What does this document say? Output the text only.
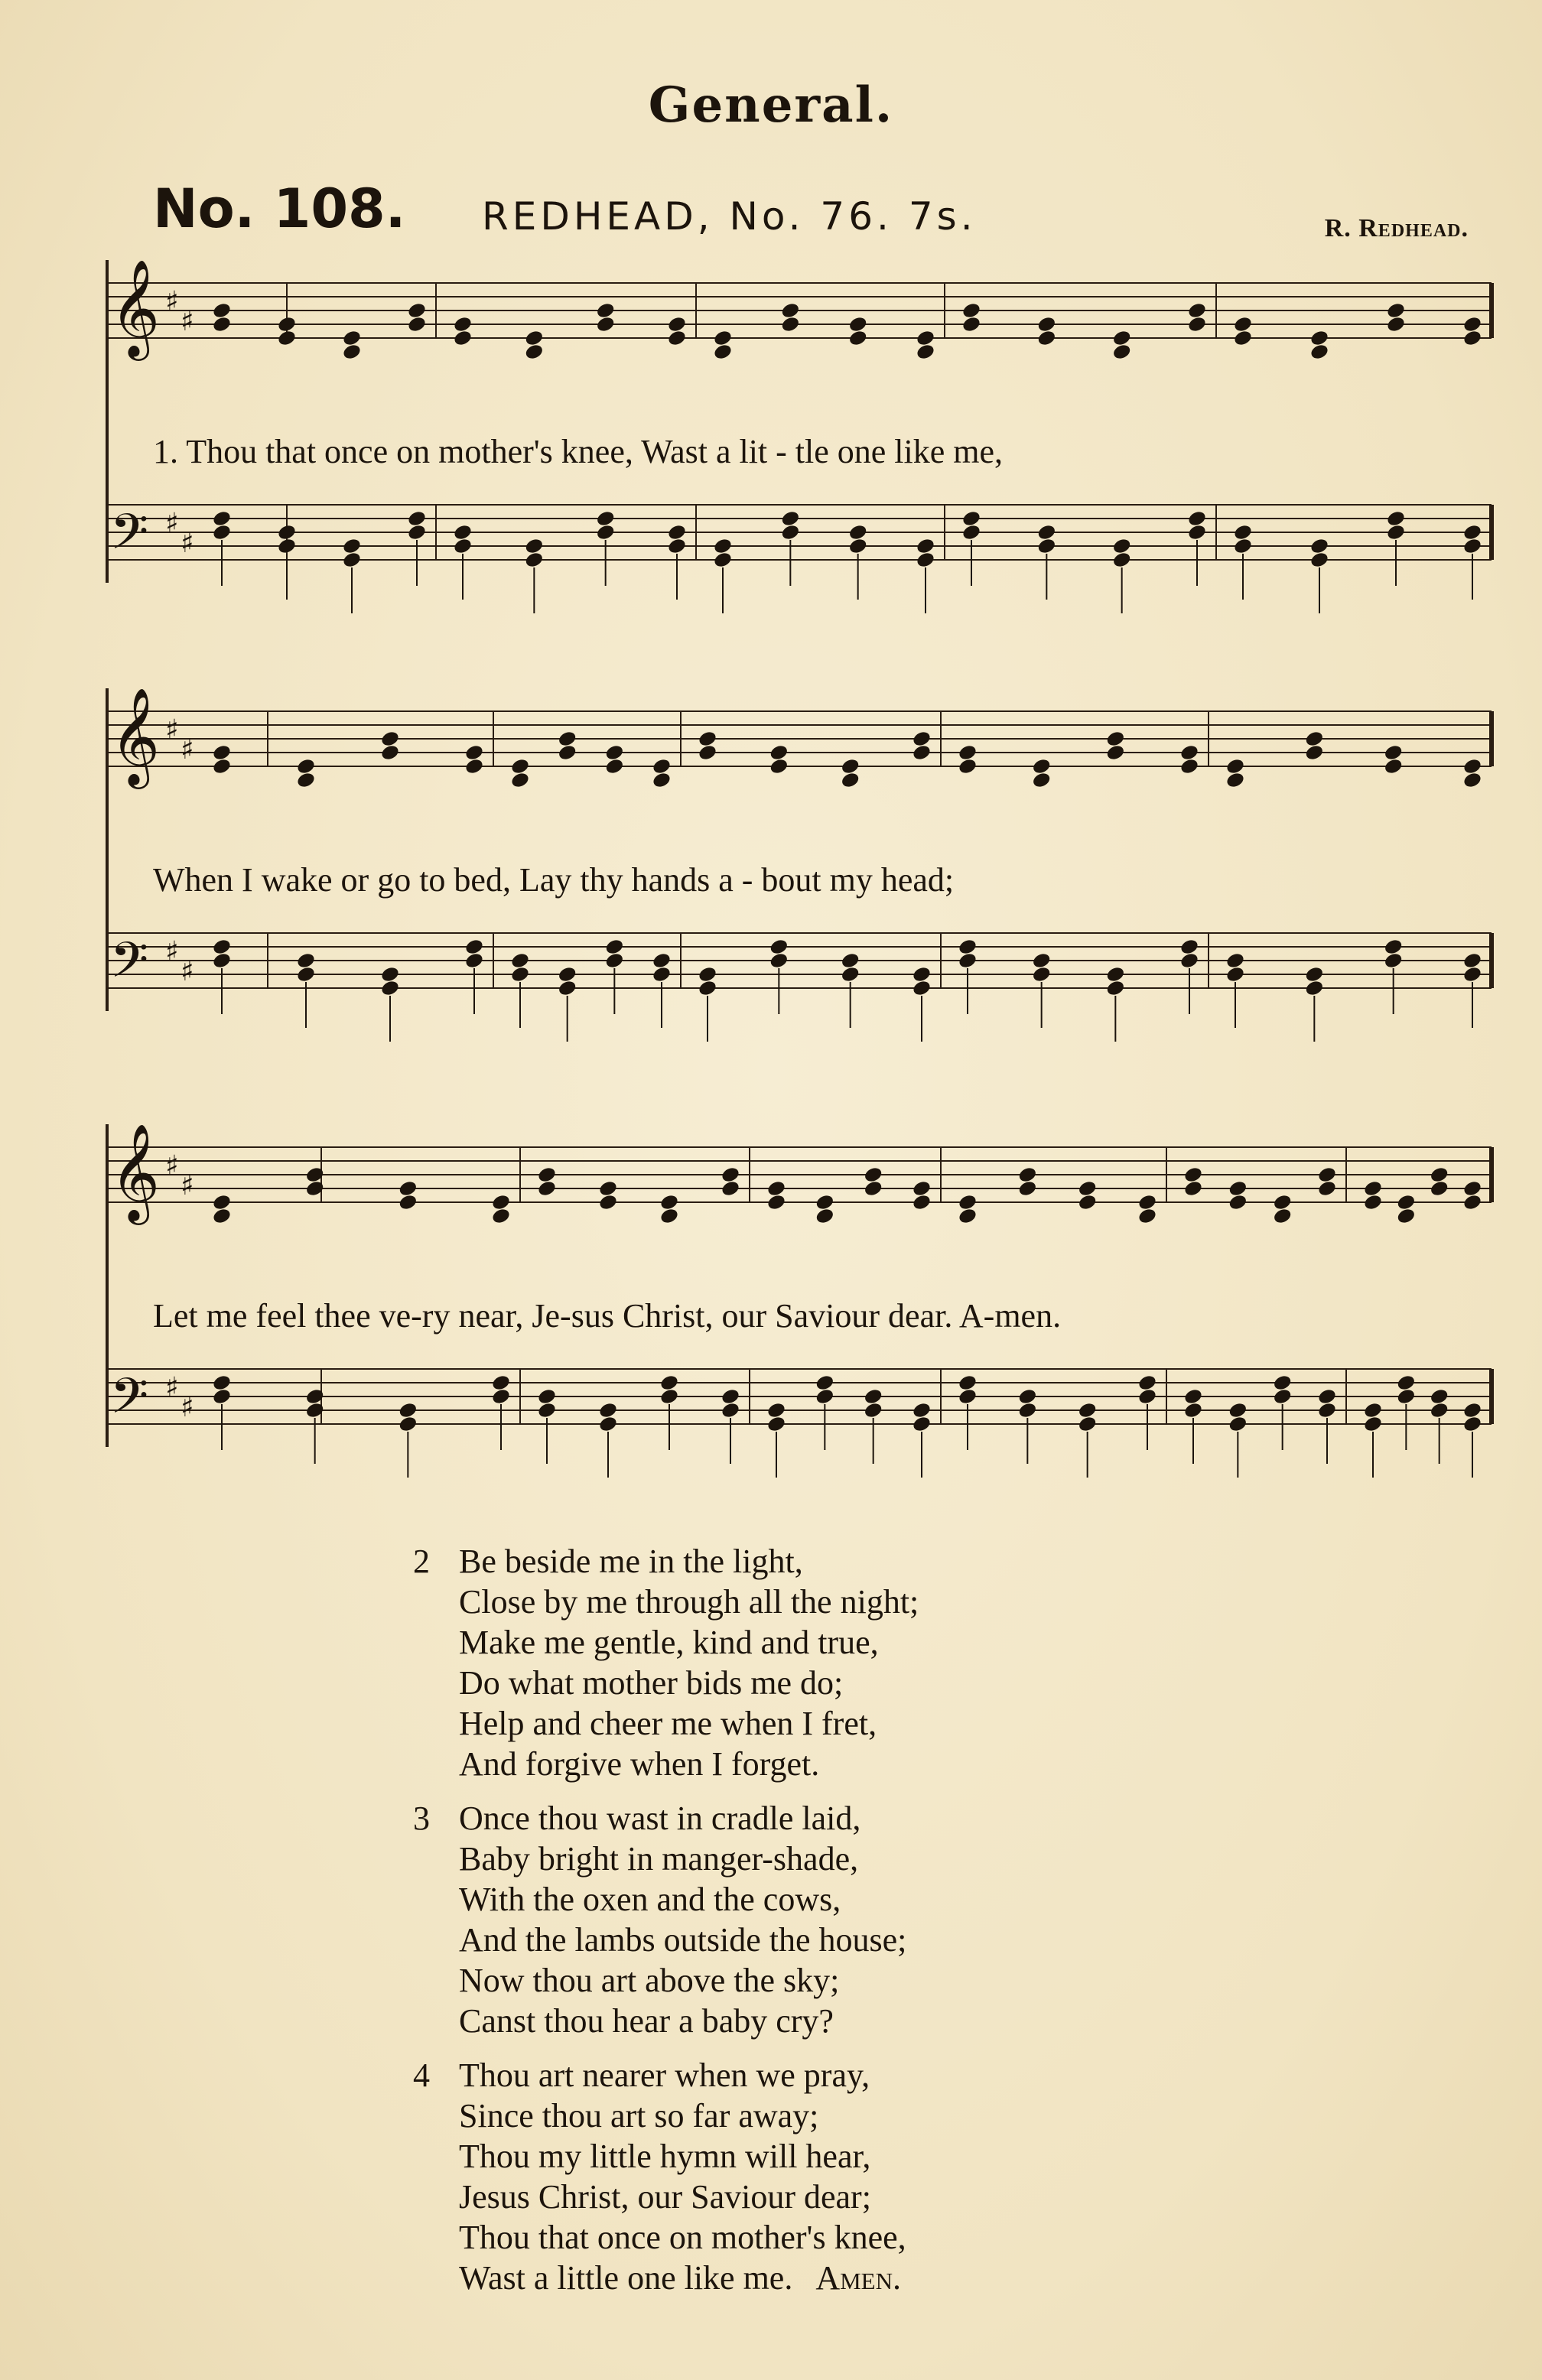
General.
No. 108. REDHEAD, No. 76. 7s.	R. Redhead.
𝄞 ♯
♯
𝄢 ♯
♯
1. Thou that once on mother's knee, Wast a lit - tle one like me,
𝄞 ♯
♯
𝄢 ♯
♯
When I wake or go to bed, Lay thy hands a - bout my head;
𝄞 ♯
♯
𝄢 ♯
♯
Let me feel thee ve-ry near, Je-sus Christ, our Saviour dear. A-men.
2 Be beside me in the light,
Close by me through all the night;
Make me gentle, kind and true,
Do what mother bids me do;
Help and cheer me when I fret,
And forgive when I forget.
3 Once thou wast in cradle laid,
Baby bright in manger-shade,
With the oxen and the cows,
And the lambs outside the house;
Now thou art above the sky;
Canst thou hear a baby cry?
4 Thou art nearer when we pray,
Since thou art so far away;
Thou my little hymn will hear,
Jesus Christ, our Saviour dear;
Thou that once on mother's knee,
Wast a little one like me. Amen.
